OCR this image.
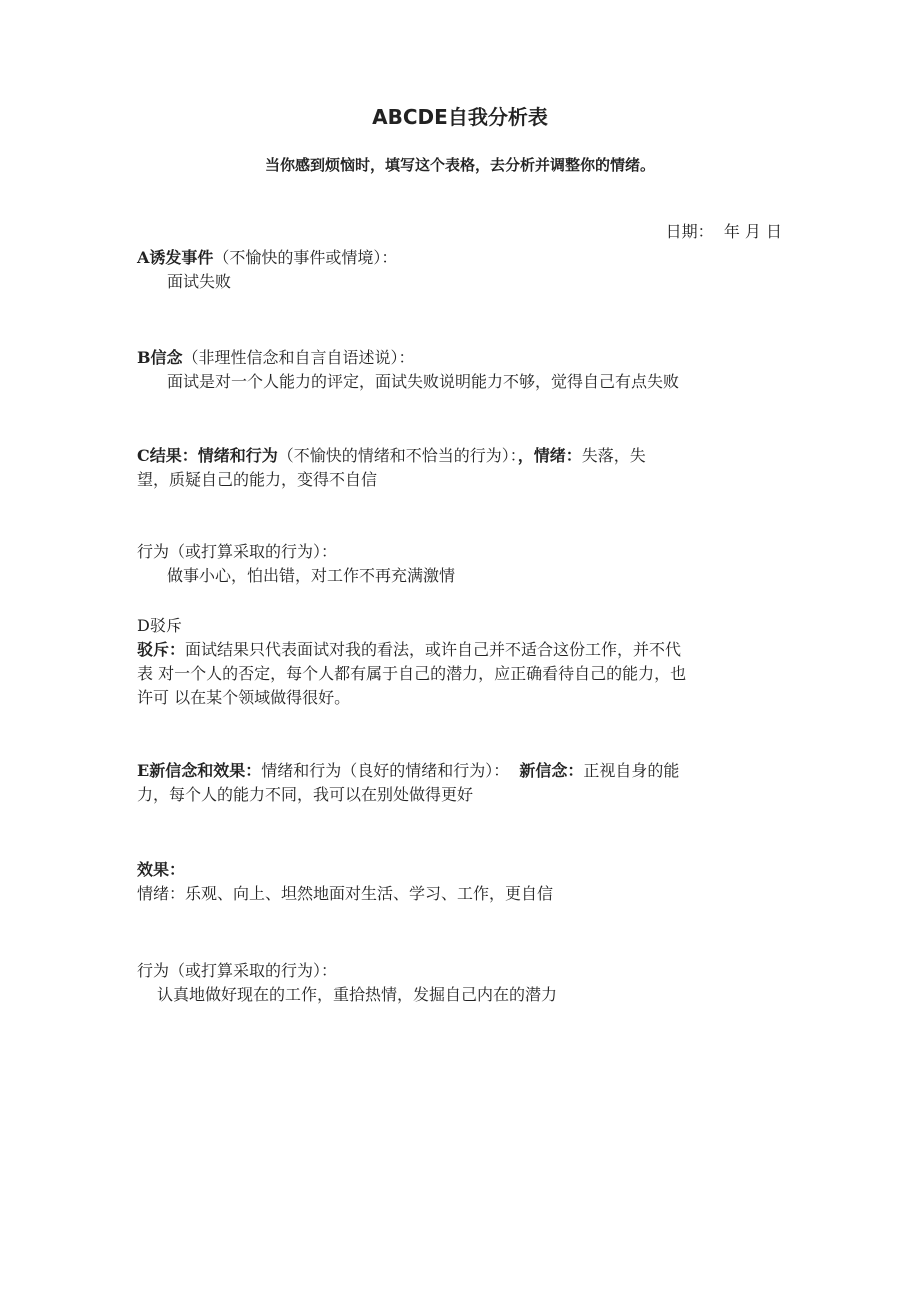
ABCDE自我分析表
当你感到烦恼时，填写这个表格，去分析并调整你的情绪。
日期：  年 月 日
A诱发事件（不愉快的事件或情境）：
面试失败
B信念（非理性信念和自言自语述说）：
面试是对一个人能力的评定，面试失败说明能力不够，觉得自己有点失败
C结果：情绪和行为（不愉快的情绪和不恰当的行为）：，情绪：失落，失
望，质疑自己的能力，变得不自信
行为（或打算采取的行为）：
做事小心，怕出错，对工作不再充满激情
D驳斥
驳斥：面试结果只代表面试对我的看法，或许自己并不适合这份工作，并不代
表 对一个人的否定，每个人都有属于自己的潜力，应正确看待自己的能力，也
许可 以在某个领域做得很好。
E新信念和效果：情绪和行为（良好的情绪和行为）： 新信念：正视自身的能
力，每个人的能力不同，我可以在别处做得更好
效果：
情绪：乐观、向上、坦然地面对生活、学习、工作，更自信
行为（或打算采取的行为）：
认真地做好现在的工作，重拾热情，发掘自己内在的潜力
